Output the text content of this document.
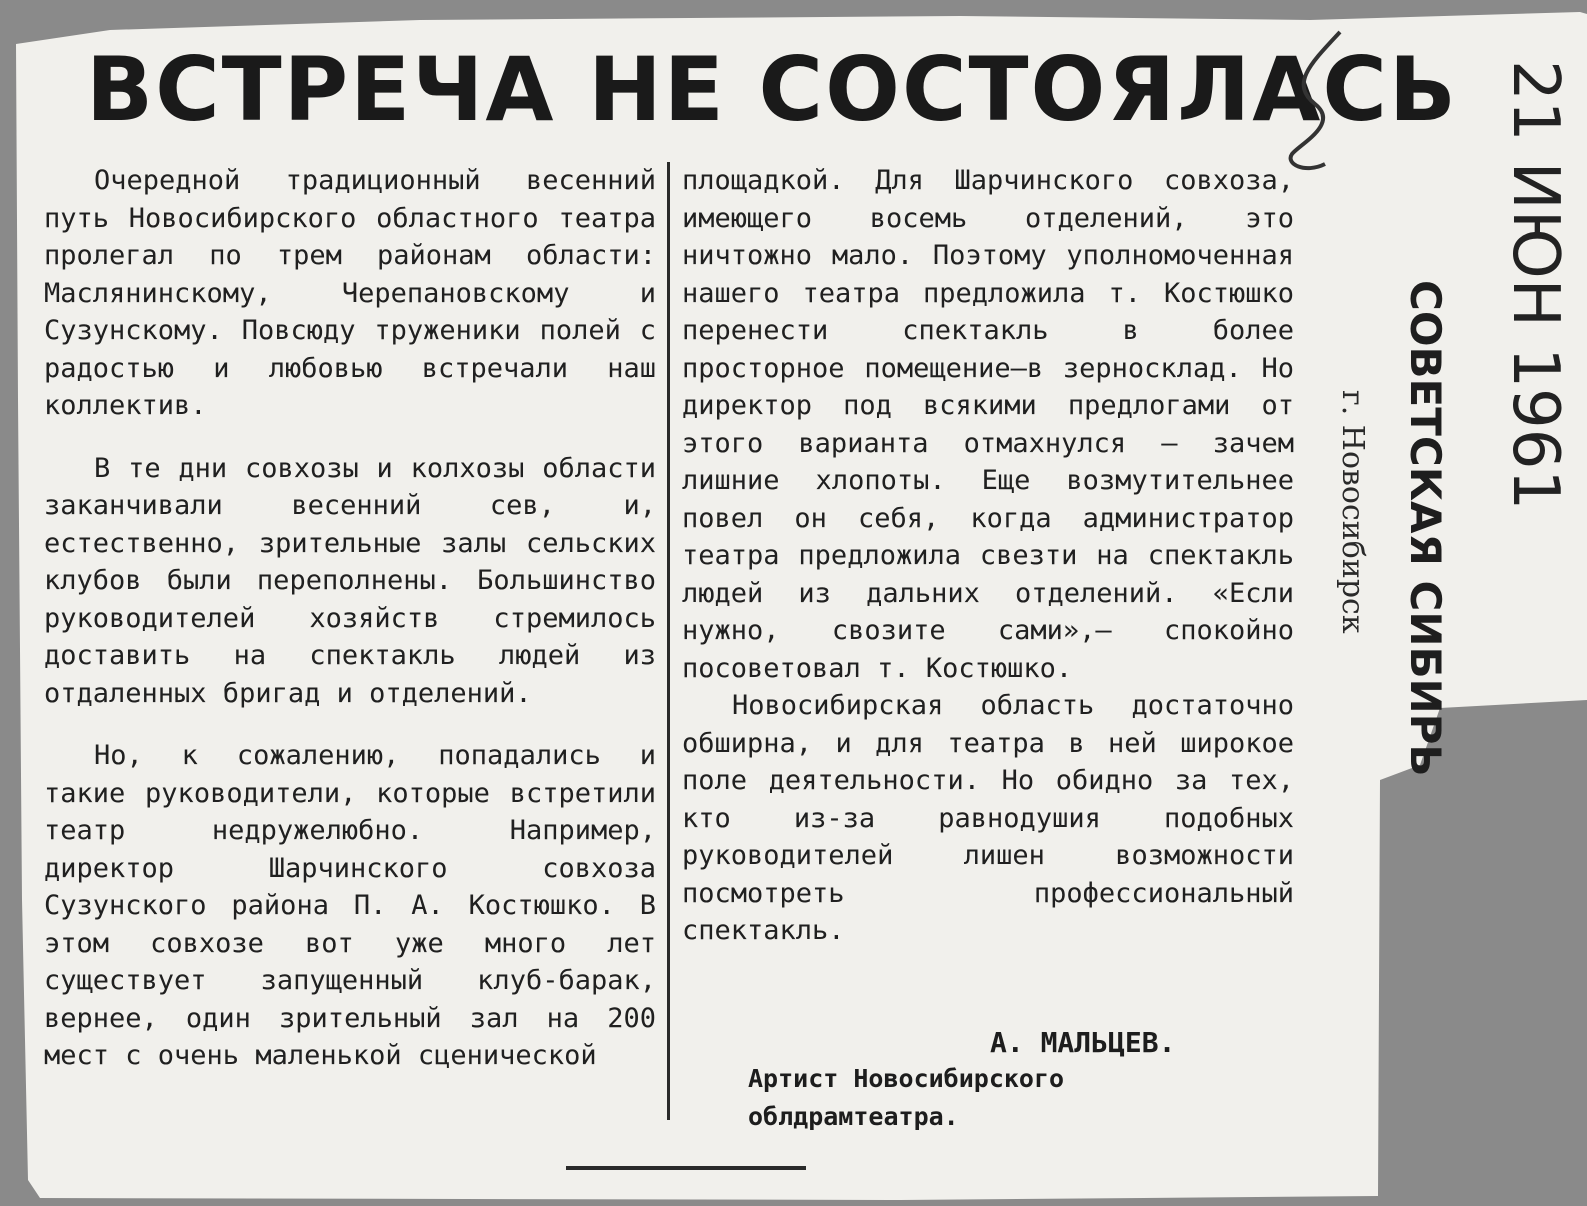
ВСТРЕЧА НЕ СОСТОЯЛАСЬ

Очередной традиционный весенний путь Новосибирского областного театра пролегал по трем районам области: Маслянинскому, Черепановскому и Сузунскому. Повсюду труженики полей с радостью и любовью встречали наш коллектив.

В те дни совхозы и колхозы области заканчивали весенний сев, и, естественно, зрительные залы сельских клубов были переполнены. Большинство руководителей хозяйств стремилось доставить на спектакль людей из отдаленных бригад и отделений.

Но, к сожалению, попадались и такие руководители, которые встретили театр недружелюбно. Например, директор Шарчинского совхоза Сузунского района П. А. Костюшко. В этом совхозе вот уже много лет существует запущенный клуб-барак, вернее, один зрительный зал на 200 мест с очень маленькой сценической

площадкой. Для Шарчинского совхоза, имеющего восемь отделений, это ничтожно мало. Поэтому уполномоченная нашего театра предложила т. Костюшко перенести спектакль в более просторное помещение—в зерносклад. Но директор под всякими предлогами от этого варианта отмахнулся — зачем лишние хлопоты. Еще возмутительнее повел он себя, когда администратор театра предложила свезти на спектакль людей из дальних отделений. «Если нужно, свозите сами»,— спокойно посоветовал т. Костюшко.

Новосибирская область достаточно обширна, и для театра в ней широкое поле деятельности. Но обидно за тех, кто из-за равнодушия подобных руководителей лишен возможности посмотреть профессиональный спектакль.

А. МАЛЬЦЕВ.
Артист Новосибирского облдрамтеатра.
21 ИЮН 1961
СОВЕТСКАЯ СИБИРЬ
г. Новосибирск
